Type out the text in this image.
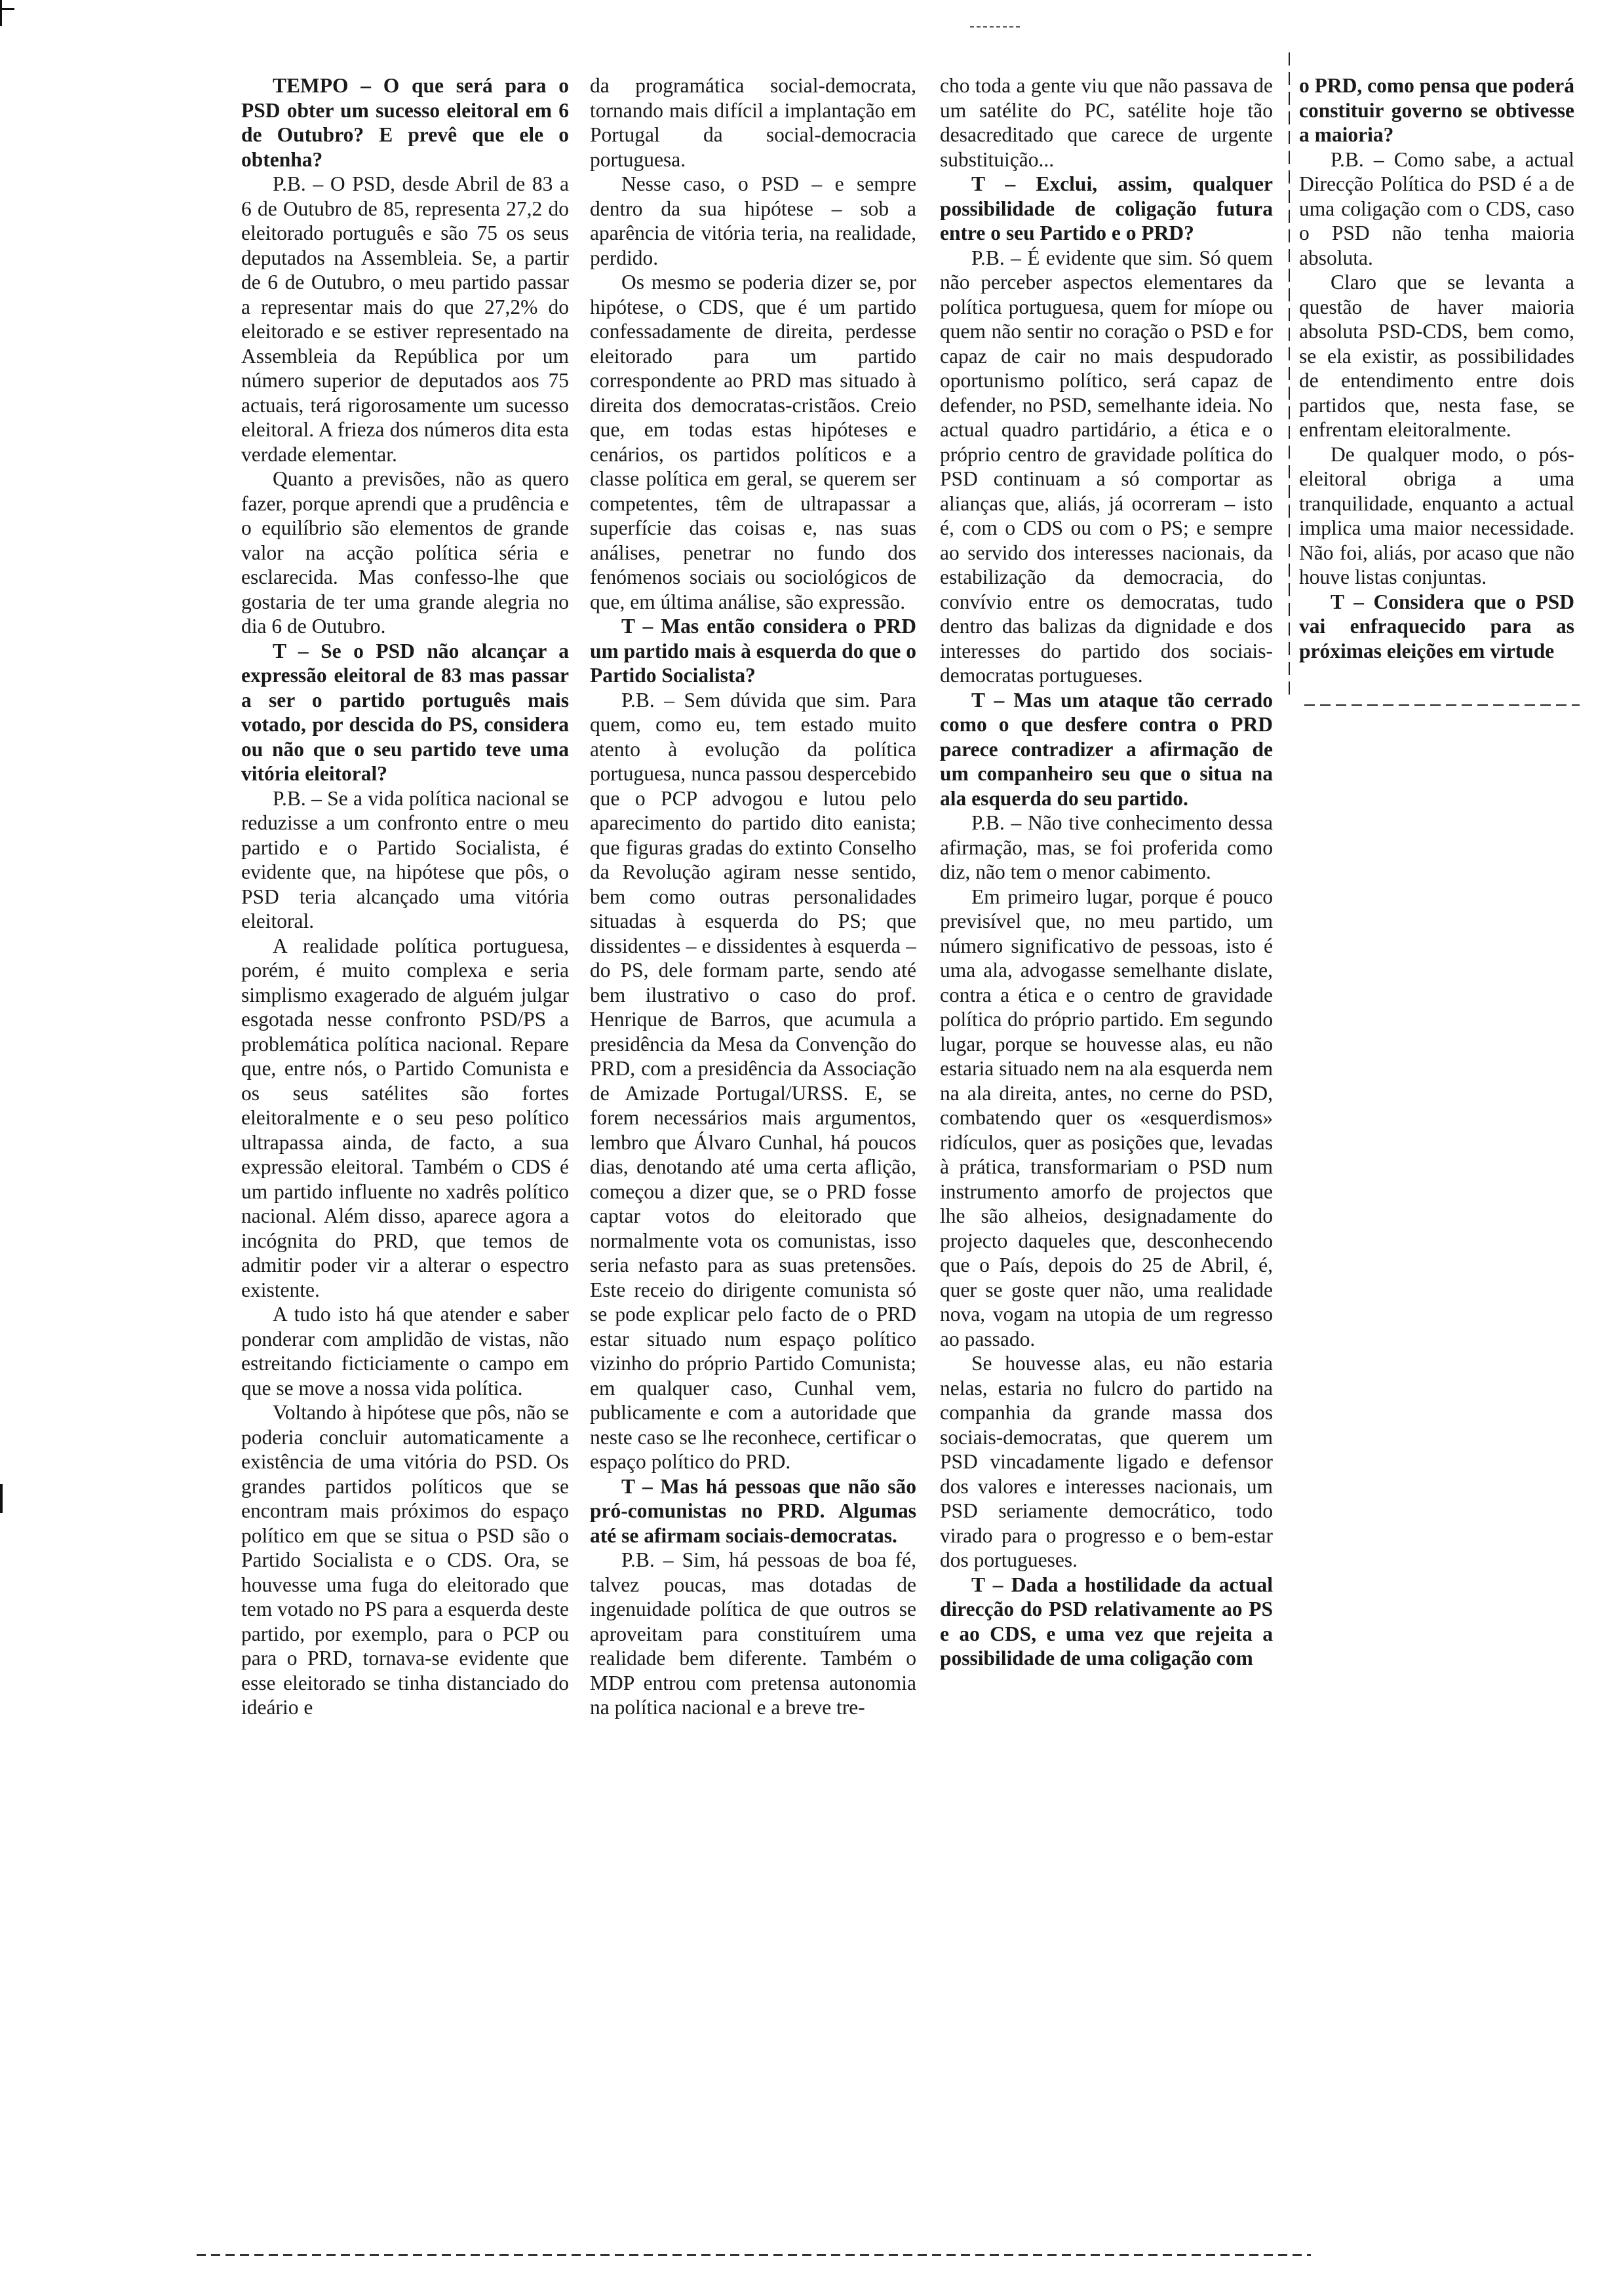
TEMPO – O que será para o PSD obter um sucesso eleitoral em 6 de Outubro? E prevê que ele o obtenha?

P.B. – O PSD, desde Abril de 83 a 6 de Outubro de 85, representa 27,2 do eleitorado português e são 75 os seus deputados na Assembleia. Se, a partir de 6 de Outubro, o meu partido passar a representar mais do que 27,2% do eleitorado e se estiver representado na Assembleia da República por um número superior de deputados aos 75 actuais, terá rigorosamente um sucesso eleitoral. A frieza dos números dita esta verdade elementar.

Quanto a previsões, não as quero fazer, porque aprendi que a prudência e o equilíbrio são elementos de grande valor na acção política séria e esclarecida. Mas confesso-lhe que gostaria de ter uma grande alegria no dia 6 de Outubro.

T – Se o PSD não alcançar a expressão eleitoral de 83 mas passar a ser o partido português mais votado, por descida do PS, considera ou não que o seu partido teve uma vitória eleitoral?

P.B. – Se a vida política nacional se reduzisse a um confronto entre o meu partido e o Partido Socialista, é evidente que, na hipótese que pôs, o PSD teria alcançado uma vitória eleitoral.

A realidade política portuguesa, porém, é muito complexa e seria simplismo exagerado de alguém julgar esgotada nesse confronto PSD/PS a problemática política nacional. Repare que, entre nós, o Partido Comunista e os seus satélites são fortes eleitoralmente e o seu peso político ultrapassa ainda, de facto, a sua expressão eleitoral. Também o CDS é um partido influente no xadrês político nacional. Além disso, aparece agora a incógnita do PRD, que temos de admitir poder vir a alterar o espectro existente.

A tudo isto há que atender e saber ponderar com amplidão de vistas, não estreitando ficticiamente o campo em que se move a nossa vida política.

Voltando à hipótese que pôs, não se poderia concluir automaticamente a existência de uma vitória do PSD. Os grandes partidos políticos que se encontram mais próximos do espaço político em que se situa o PSD são o Partido Socialista e o CDS. Ora, se houvesse uma fuga do eleitorado que tem votado no PS para a esquerda deste partido, por exemplo, para o PCP ou para o PRD, tornava-se evidente que esse eleitorado se tinha distanciado do ideário e

da programática social-democrata, tornando mais difícil a implantação em Portugal da social-democracia portuguesa.

Nesse caso, o PSD – e sempre dentro da sua hipótese – sob a aparência de vitória teria, na realidade, perdido.

Os mesmo se poderia dizer se, por hipótese, o CDS, que é um partido confessadamente de direita, perdesse eleitorado para um partido correspondente ao PRD mas situado à direita dos democratas-cristãos. Creio que, em todas estas hipóteses e cenários, os partidos políticos e a classe política em geral, se querem ser competentes, têm de ultrapassar a superfície das coisas e, nas suas análises, penetrar no fundo dos fenómenos sociais ou sociológicos de que, em última análise, são expressão.

T – Mas então considera o PRD um partido mais à esquerda do que o Partido Socialista?

P.B. – Sem dúvida que sim. Para quem, como eu, tem estado muito atento à evolução da política portuguesa, nunca passou despercebido que o PCP advogou e lutou pelo aparecimento do partido dito eanista; que figuras gradas do extinto Conselho da Revolução agiram nesse sentido, bem como outras personalidades situadas à esquerda do PS; que dissidentes – e dissidentes à esquerda – do PS, dele formam parte, sendo até bem ilustrativo o caso do prof. Henrique de Barros, que acumula a presidência da Mesa da Convenção do PRD, com a presidência da Associação de Amizade Portugal/URSS. E, se forem necessários mais argumentos, lembro que Álvaro Cunhal, há poucos dias, denotando até uma certa aflição, começou a dizer que, se o PRD fosse captar votos do eleitorado que normalmente vota os comunistas, isso seria nefasto para as suas pretensões. Este receio do dirigente comunista só se pode explicar pelo facto de o PRD estar situado num espaço político vizinho do próprio Partido Comunista; em qualquer caso, Cunhal vem, publicamente e com a autoridade que neste caso se lhe reconhece, certificar o espaço político do PRD.

T – Mas há pessoas que não são pró-comunistas no PRD. Algumas até se afirmam sociais-democratas.

P.B. – Sim, há pessoas de boa fé, talvez poucas, mas dotadas de ingenuidade política de que outros se aproveitam para constituírem uma realidade bem diferente. Também o MDP entrou com pretensa autonomia na política nacional e a breve tre-

cho toda a gente viu que não passava de um satélite do PC, satélite hoje tão desacreditado que carece de urgente substituição...

T – Exclui, assim, qualquer possibilidade de coligação futura entre o seu Partido e o PRD?

P.B. – É evidente que sim. Só quem não perceber aspectos elementares da política portuguesa, quem for míope ou quem não sentir no coração o PSD e for capaz de cair no mais despudorado oportunismo político, será capaz de defender, no PSD, semelhante ideia. No actual quadro partidário, a ética e o próprio centro de gravidade política do PSD continuam a só comportar as alianças que, aliás, já ocorreram – isto é, com o CDS ou com o PS; e sempre ao servido dos interesses nacionais, da estabilização da democracia, do convívio entre os democratas, tudo dentro das balizas da dignidade e dos interesses do partido dos sociais-democratas portugueses.

T – Mas um ataque tão cerrado como o que desfere contra o PRD parece contradizer a afirmação de um companheiro seu que o situa na ala esquerda do seu partido.

P.B. – Não tive conhecimento dessa afirmação, mas, se foi proferida como diz, não tem o menor cabimento.

Em primeiro lugar, porque é pouco previsível que, no meu partido, um número significativo de pessoas, isto é uma ala, advogasse semelhante dislate, contra a ética e o centro de gravidade política do próprio partido. Em segundo lugar, porque se houvesse alas, eu não estaria situado nem na ala esquerda nem na ala direita, antes, no cerne do PSD, combatendo quer os «esquerdismos» ridículos, quer as posições que, levadas à prática, transformariam o PSD num instrumento amorfo de projectos que lhe são alheios, designadamente do projecto daqueles que, desconhecendo que o País, depois do 25 de Abril, é, quer se goste quer não, uma realidade nova, vogam na utopia de um regresso ao passado.

Se houvesse alas, eu não estaria nelas, estaria no fulcro do partido na companhia da grande massa dos sociais-democratas, que querem um PSD vincadamente ligado e defensor dos valores e interesses nacionais, um PSD seriamente democrático, todo virado para o progresso e o bem-estar dos portugueses.

T – Dada a hostilidade da actual direcção do PSD relativamente ao PS e ao CDS, e uma vez que rejeita a possibilidade de uma coligação com

o PRD, como pensa que poderá constituir governo se obtivesse a maioria?

P.B. – Como sabe, a actual Direcção Política do PSD é a de uma coligação com o CDS, caso o PSD não tenha maioria absoluta.

Claro que se levanta a questão de haver maioria absoluta PSD-CDS, bem como, se ela existir, as possibilidades de entendimento entre dois partidos que, nesta fase, se enfrentam eleitoralmente.

De qualquer modo, o pós-eleitoral obriga a uma tranquilidade, enquanto a actual implica uma maior necessidade. Não foi, aliás, por acaso que não houve listas conjuntas.

T – Considera que o PSD vai enfraquecido para as próximas eleições em virtude
